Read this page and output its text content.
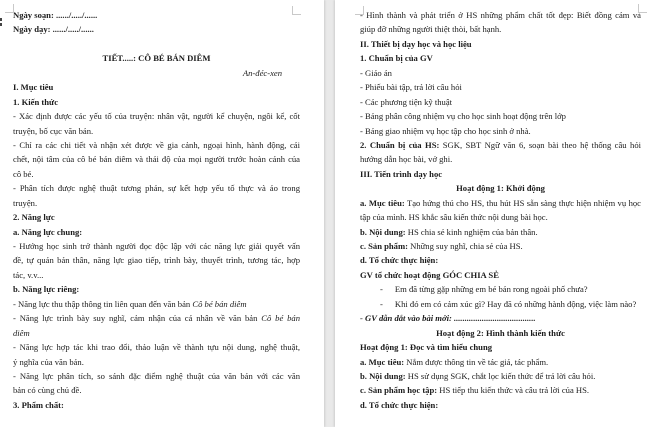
Ngày soạn: ....../...../......
Ngày dạy: ....../...../......
TIẾT.....: CÔ BÉ BÁN DIÊM
An-đéc-xen
I. Mục tiêu
1. Kiến thức
- Xác định được các yếu tố của truyện: nhân vật, người kể chuyện, ngôi kể, cốt
truyện, bố cục văn bản.
- Chỉ ra các chi tiết và nhận xét được về gia cảnh, ngoại hình, hành động, cái
chết, nội tâm của cô bé bán diêm và thái độ của mọi người trước hoàn cảnh của
cô bé.
- Phân tích được nghệ thuật tương phản, sự kết hợp yếu tố thực và ảo trong
truyện.
2. Năng lực
a. Năng lực chung:
- Hướng học sinh trở thành người đọc độc lập với các năng lực giải quyết vấn
đề, tự quản bản thân, năng lực giao tiếp, trình bày, thuyết trình, tương tác, hợp
tác, v.v...
b. Năng lực riêng:
- Năng lực thu thập thông tin liên quan đến văn bản Cô bé bán diêm
- Năng lực trình bày suy nghĩ, cảm nhận của cá nhân về văn bản Cô bé bán
diêm
- Năng lực hợp tác khi trao đổi, thảo luận về thành tựu nội dung, nghệ thuật,
ý nghĩa của văn bản.
- Năng lực phân tích, so sánh đặc điểm nghệ thuật của văn bản với các văn
bản có cùng chủ đề.
3. Phẩm chất:
- Hình thành và phát triển ở HS những phẩm chất tốt đẹp: Biết đồng cảm và
giúp đỡ những người thiệt thòi, bất hạnh.
II. Thiết bị dạy học và học liệu
1. Chuẩn bị của GV
- Giáo án
- Phiếu bài tập, trả lời câu hỏi
- Các phương tiện kỹ thuật
- Bảng phân công nhiệm vụ cho học sinh hoạt động trên lớp
- Bảng giao nhiệm vụ học tập cho học sinh ở nhà.
2. Chuẩn bị của HS: SGK, SBT Ngữ văn 6, soạn bài theo hệ thống câu hỏi
hướng dẫn học bài, vở ghi.
III. Tiến trình dạy học
Hoạt động 1: Khởi động
a. Mục tiêu: Tạo hứng thú cho HS, thu hút HS sẵn sàng thực hiện nhiệm vụ học
tập của mình. HS khắc sâu kiến thức nội dung bài học.
b. Nội dung: HS chia sẻ kinh nghiệm của bản thân.
c. Sản phẩm: Những suy nghĩ, chia sẻ của HS.
d. Tổ chức thực hiện:
GV tổ chức hoạt động GÓC CHIA SẺ
- Em đã từng gặp những em bé bán rong ngoài phố chưa?
- Khi đó em có cảm xúc gì? Hay đã có những hành động, việc làm nào?
- GV dẫn dắt vào bài mới: ......................................
Hoạt động 2: Hình thành kiến thức
Hoạt động 1: Đọc và tìm hiểu chung
a. Mục tiêu: Nắm được thông tin về tác giả, tác phẩm.
b. Nội dung: HS sử dụng SGK, chắt lọc kiến thức để trả lời câu hỏi.
c. Sản phẩm học tập: HS tiếp thu kiến thức và câu trả lời của HS.
d. Tổ chức thực hiện:
